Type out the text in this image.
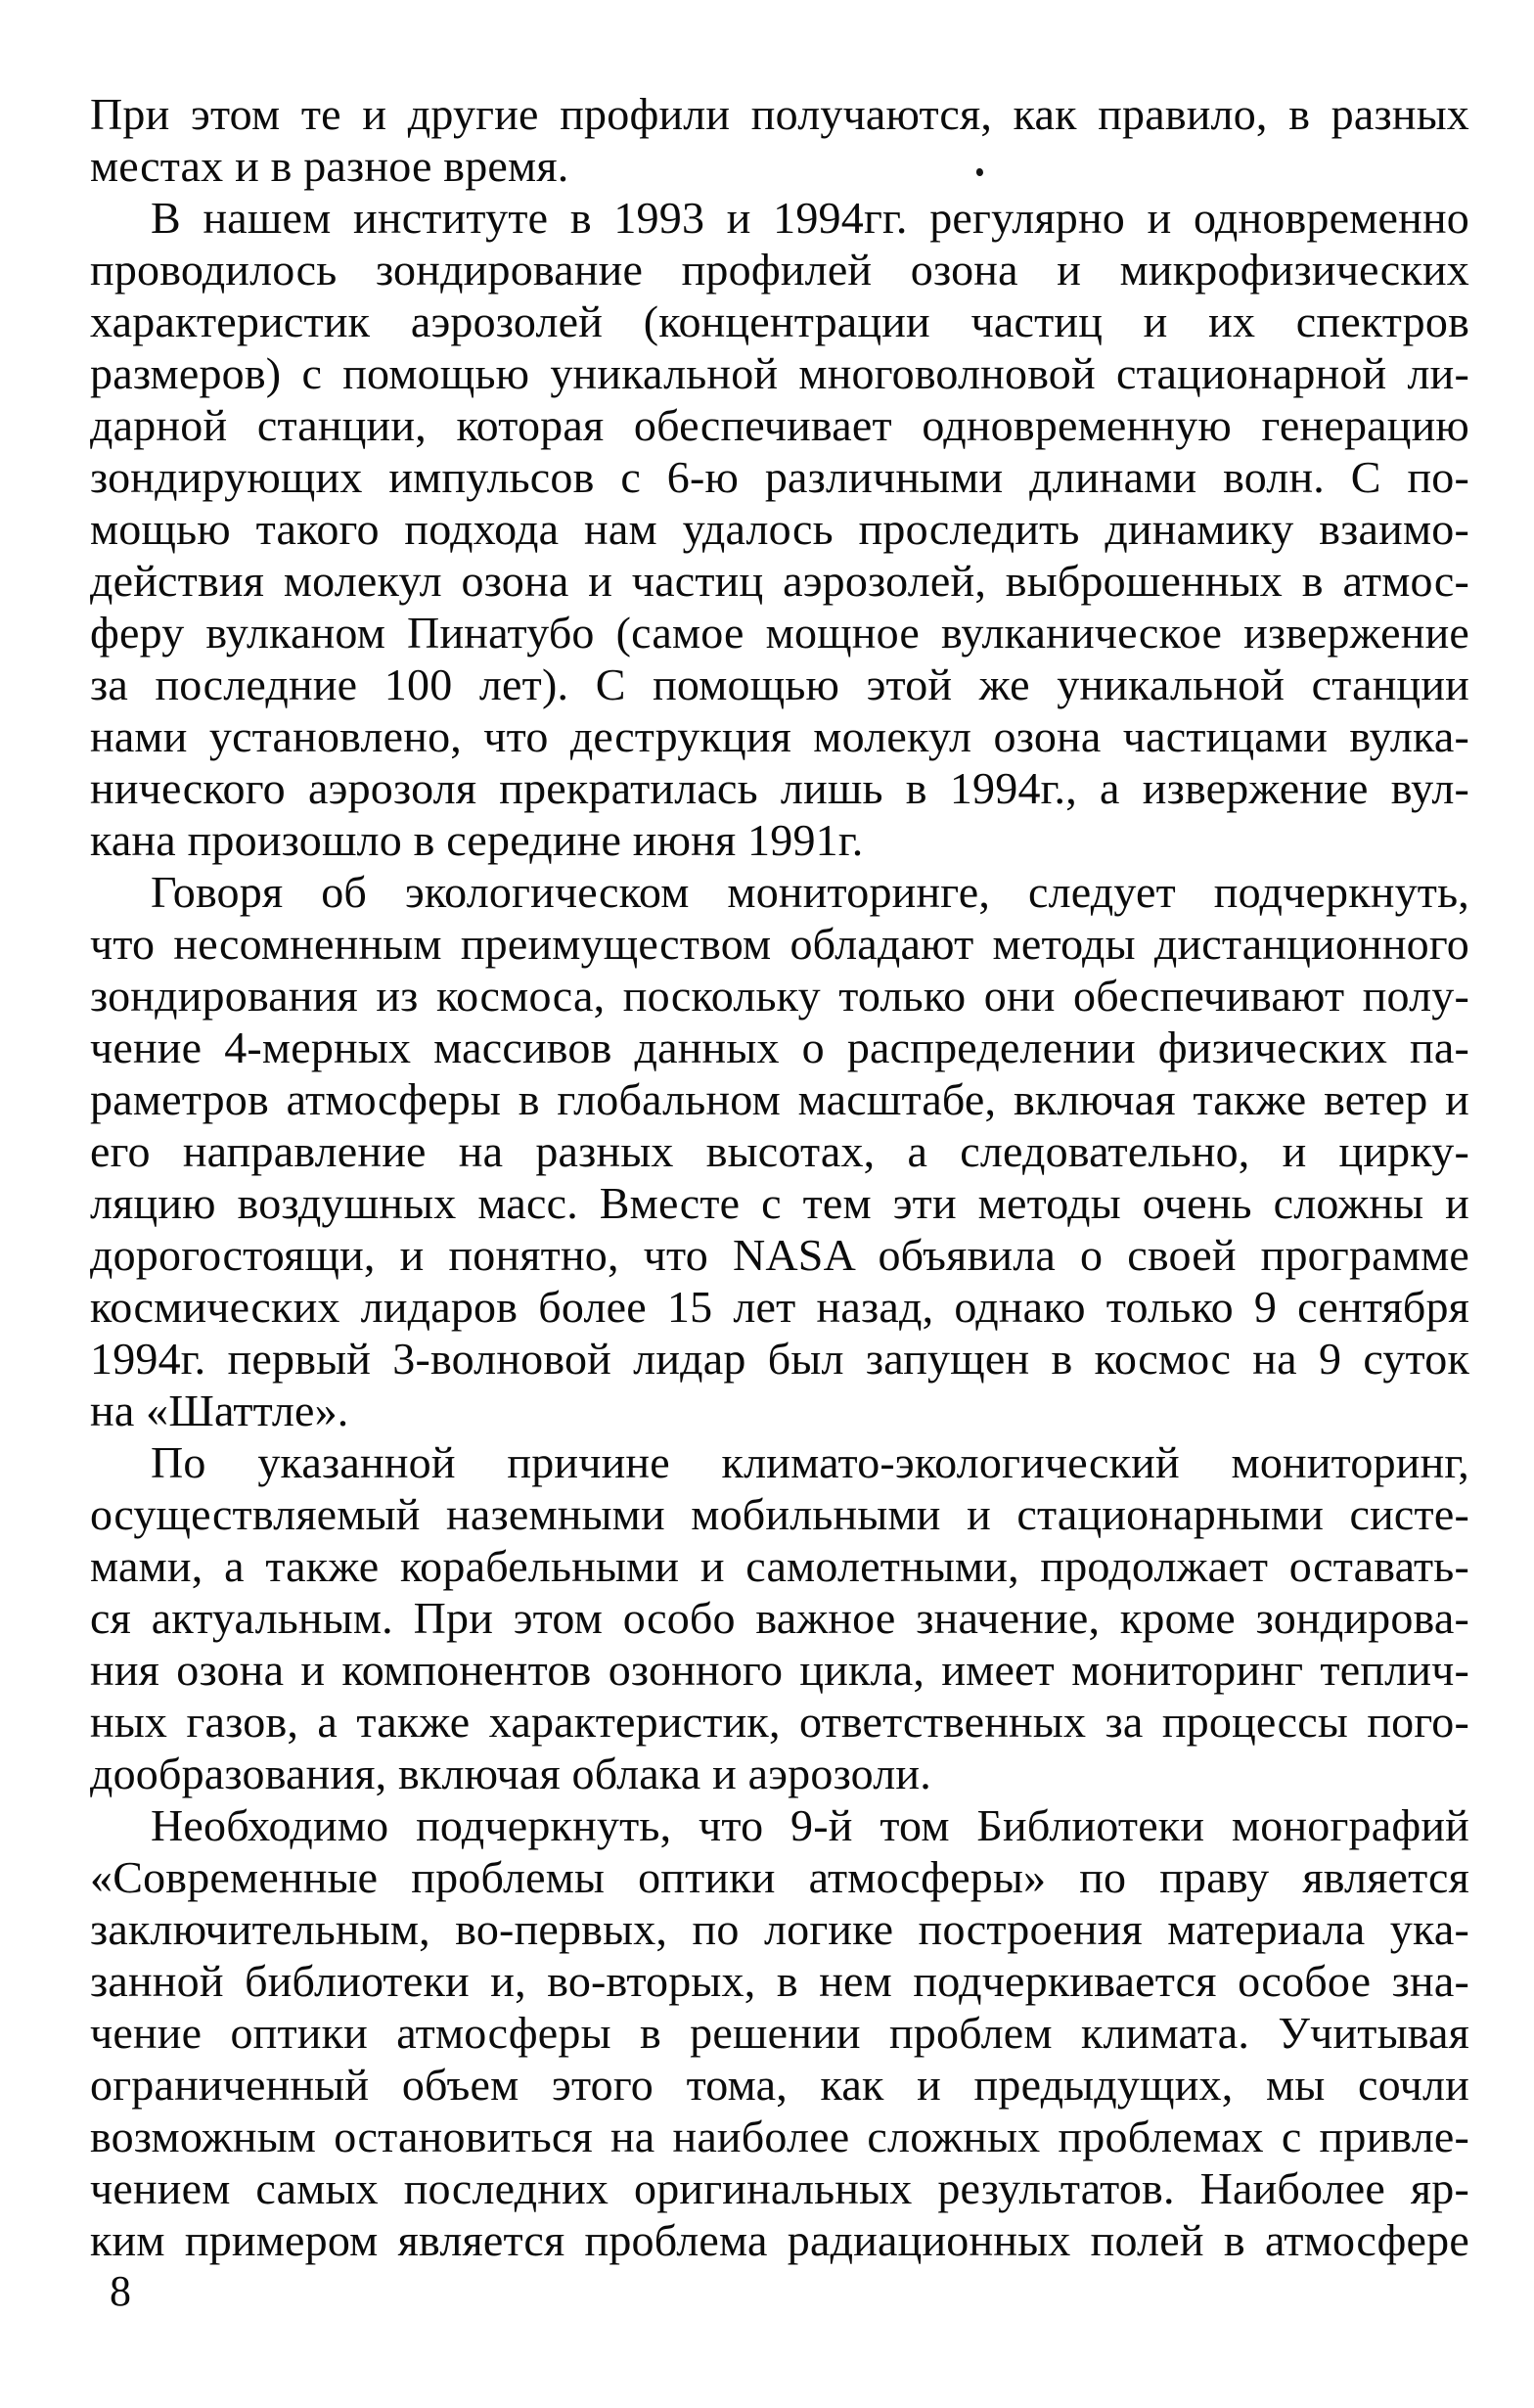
При этом те и другие профили получаются, как правило, в разных
местах и в разное время.
В нашем институте в 1993 и 1994гг. регулярно и одновременно
проводилось зондирование профилей озона и микрофизических
характеристик аэрозолей (концентрации частиц и их спектров
размеров) с помощью уникальной многоволновой стационарной ли-
дарной станции, которая обеспечивает одновременную генерацию
зондирующих импульсов с 6-ю различными длинами волн. С по-
мощью такого подхода нам удалось проследить динамику взаимо-
действия молекул озона и частиц аэрозолей, выброшенных в атмос-
феру вулканом Пинатубо (самое мощное вулканическое извержение
за последние 100 лет). С помощью этой же уникальной станции
нами установлено, что деструкция молекул озона частицами вулка-
нического аэрозоля прекратилась лишь в 1994г., а извержение вул-
кана произошло в середине июня 1991г.
Говоря об экологическом мониторинге, следует подчеркнуть,
что несомненным преимуществом обладают методы дистанционного
зондирования из космоса, поскольку только они обеспечивают полу-
чение 4-мерных массивов данных о распределении физических па-
раметров атмосферы в глобальном масштабе, включая также ветер и
его направление на разных высотах, а следовательно, и цирку-
ляцию воздушных масс. Вместе с тем эти методы очень сложны и
дорогостоящи, и понятно, что NASA объявила о своей программе
космических лидаров более 15 лет назад, однако только 9 сентября
1994г. первый 3-волновой лидар был запущен в космос на 9 суток
на «Шаттле».
По указанной причине климато-экологический мониторинг,
осуществляемый наземными мобильными и стационарными систе-
мами, а также корабельными и самолетными, продолжает оставать-
ся актуальным. При этом особо важное значение, кроме зондирова-
ния озона и компонентов озонного цикла, имеет мониторинг теплич-
ных газов, а также характеристик, ответственных за процессы пого-
дообразования, включая облака и аэрозоли.
Необходимо подчеркнуть, что 9-й том Библиотеки монографий
«Современные проблемы оптики атмосферы» по праву является
заключительным, во-первых, по логике построения материала ука-
занной библиотеки и, во-вторых, в нем подчеркивается особое зна-
чение оптики атмосферы в решении проблем климата. Учитывая
ограниченный объем этого тома, как и предыдущих, мы сочли
возможным остановиться на наиболее сложных проблемах с привле-
чением самых последних оригинальных результатов. Наиболее яр-
ким примером является проблема радиационных полей в атмосфере
8
